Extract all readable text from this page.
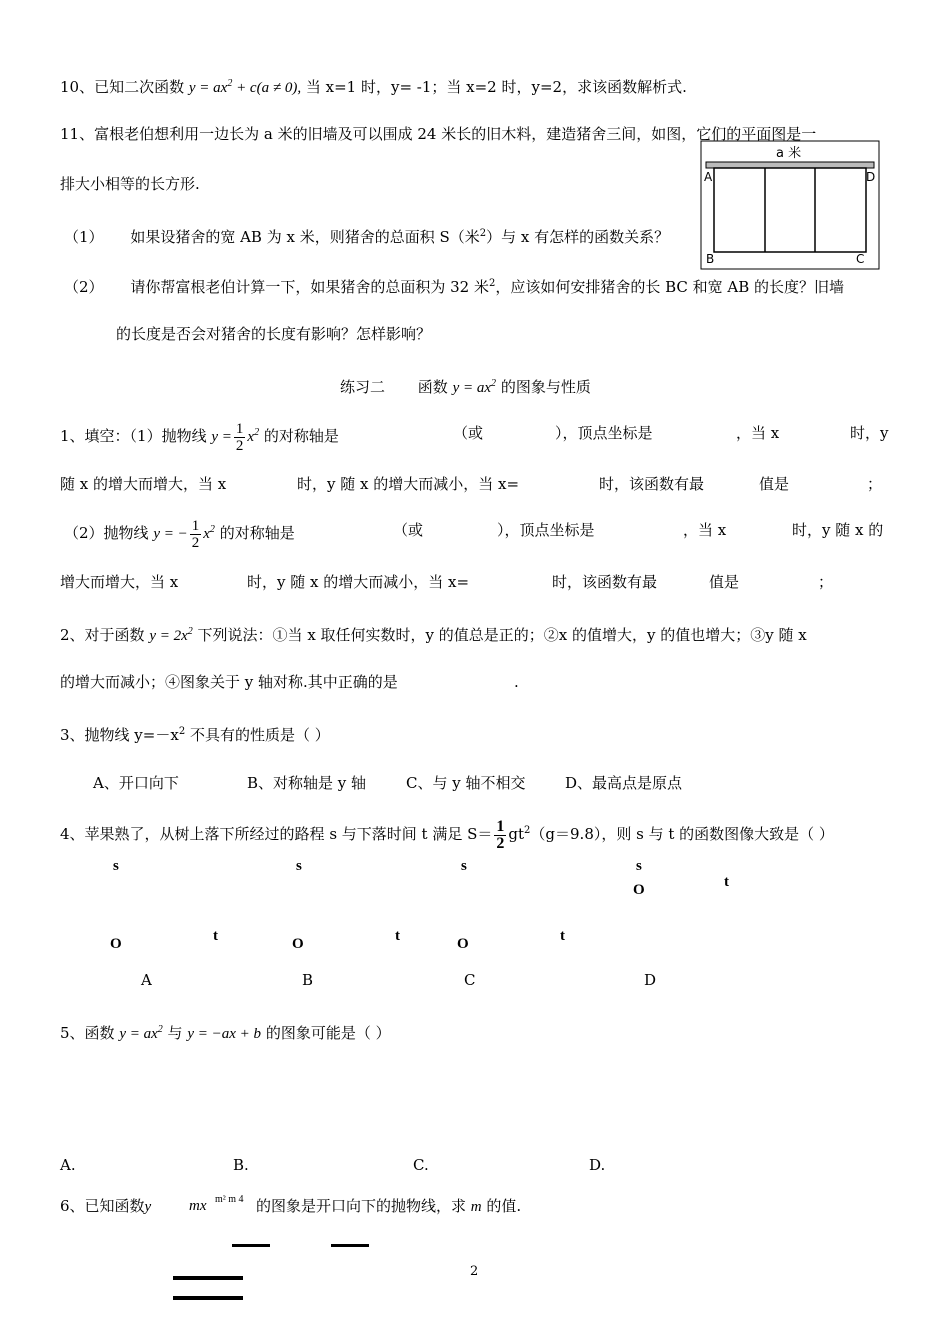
10、已知二次函数 $y = ax^2 + c(a \ne 0)$, 当 x=1 时，y= -1；当 x=2 时，y=2，求该函数解析式.
11、富根老伯想利用一边长为 a 米的旧墙及可以围成 24 米长的旧木料，建造猪舍三间，如图，它们的平面图是一
排大小相等的长方形.
a 米
A	D
B	C
（1） 如果设猪舍的宽 AB 为 x 米，则猪舍的总面积 S（米$^2$）与 x 有怎样的函数关系？
（2） 请你帮富根老伯计算一下，如果猪舍的总面积为 32 米$^2$，应该如何安排猪舍的长 BC 和宽 AB 的长度？旧墙
的长度是否会对猪舍的长度有影响？怎样影响？
练习二 函数 $y = ax^2$ 的图象与性质
1、填空：（1）抛物线 $y = \frac{1}{2} x^2$ 的对称轴是	（或	），顶点坐标是	，当 x	时，y
随 x 的增大而增大，当 x	时，y 随 x 的增大而减小，当 x=	时，该函数有最	值是	；
（2）抛物线 y = − $\frac{1}{2} x^2$ 的对称轴是	（或	），顶点坐标是	，当 x	时，y 随 x 的
增大而增大，当 x	时，y 随 x 的增大而减小，当 x=	时，该函数有最	值是	；
2、对于函数 $y = 2x^2$ 下列说法：①当 x 取任何实数时，y 的值总是正的；②x 的值增大，y 的值也增大；③y 随 x
的增大而减小；④图象关于 y 轴对称.其中正确的是	.
3、抛物线 $y=-x^2$ 不具有的性质是（ ）
A、开口向下	B、对称轴是 y 轴	C、与 y 轴不相交	D、最高点是原点
4、苹果熟了，从树上落下所经过的路程 s 与下落时间 t 满足 $S= \frac{1}{2} gt^2(g=9.8)$，则 s 与 t 的函数图像大致是（ ）
s
O	t
s
O	t
s
O	t
s
O	t
A	B	C	D
5、函数 $y = ax^2$ 与 y = −ax + b 的图象可能是（ ）
A.	B.	C.	D.
6、已知函数y	mx m² m 4 的图象是开口向下的抛物线，求 m 的值.
2
